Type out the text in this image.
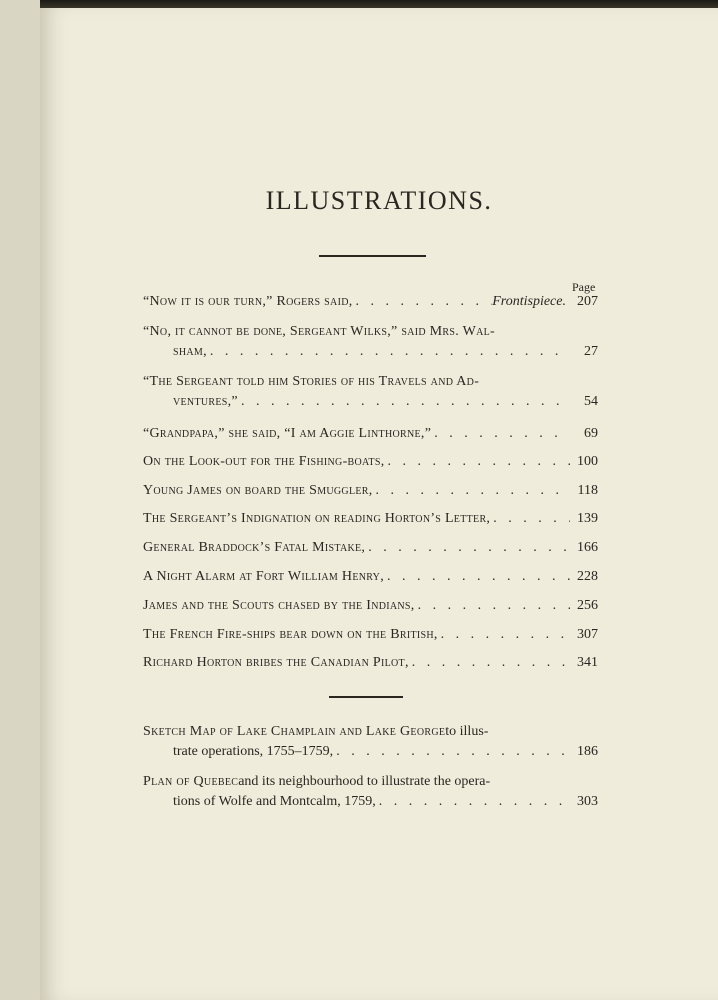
ILLUSTRATIONS.
Page
“Now it is our turn,” Rogers said, . . .	Frontispiece. 207
“No, it cannot be done, Sergeant Wilks,” said Mrs. Wal-
sham, . . .	27
“The Sergeant told him Stories of his Travels and Ad-
ventures,” . . .	54
“Grandpapa,” she said, “I am Aggie Linthorne,” . . .	69
On the Look-out for the Fishing-boats, . . .	100
Young James on board the Smuggler, . . .	118
The Sergeant’s Indignation on reading Horton’s Letter, . . .	139
General Braddock’s Fatal Mistake, . . .	166
A Night Alarm at Fort William Henry, . . .	228
James and the Scouts chased by the Indians, . . .	256
The French Fire-ships bear down on the British, . . .	307
Richard Horton bribes the Canadian Pilot, . . .	341
Sketch Map of Lake Champlain and Lake George to illus-
trate operations, 1755–1759, . . .	186
Plan of Quebec and its neighbourhood to illustrate the opera-
tions of Wolfe and Montcalm, 1759, . . .	303
